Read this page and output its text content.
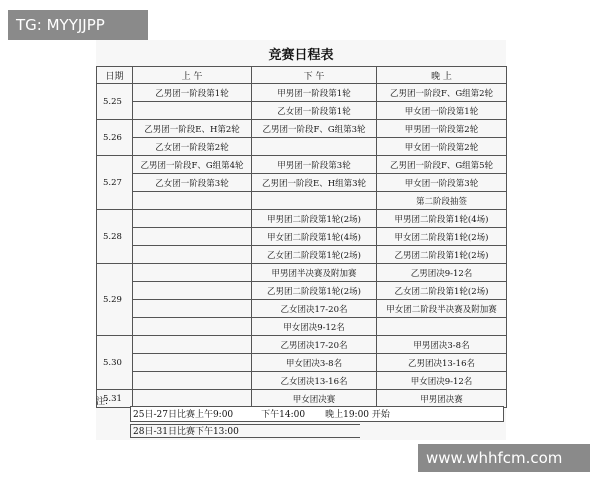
TG: MYYJJPP
www.whhfcm.com
竞赛日程表
日期	上 午	下 午	晚 上
5.25	乙男团一阶段第1轮	甲男团一阶段第1轮	乙男团一阶段F、G组第2轮
		乙女团一阶段第1轮	甲女团一阶段第1轮
5.26	乙男团一阶段E、H第2轮	乙男团一阶段F、G组第3轮	甲男团一阶段第2轮
	乙女团一阶段第2轮		甲女团一阶段第2轮
5.27	乙男团一阶段F、G组第4轮	甲男团一阶段第3轮	乙男团一阶段F、G组第5轮
	乙女团一阶段第3轮	乙男团一阶段E、H组第3轮	甲女团一阶段第3轮
			第二阶段抽签
5.28		甲男团二阶段第1轮(2场)	甲男团二阶段第1轮(4场)
		甲女团二阶段第1轮(4场)	甲女团二阶段第1轮(2场)
		乙女团二阶段第1轮(2场)	乙男团二阶段第1轮(2场)
5.29		甲男团半决赛及附加赛	乙男团决9-12名
		乙男团二阶段第1轮(2场)	乙女团二阶段第1轮(2场)
		乙女团决17-20名	甲女团二阶段半决赛及附加赛
		甲女团决9-12名	
5.30		乙男团决17-20名	甲男团决3-8名
		甲女团决3-8名	乙男团决13-16名
		乙女团决13-16名	甲女团决9-12名
5.31		甲女团决赛	甲男团决赛
注:
25日-27日比赛上午9:00	下午14:00 晚上19:00 开始
28日-31日比赛下午13:00
